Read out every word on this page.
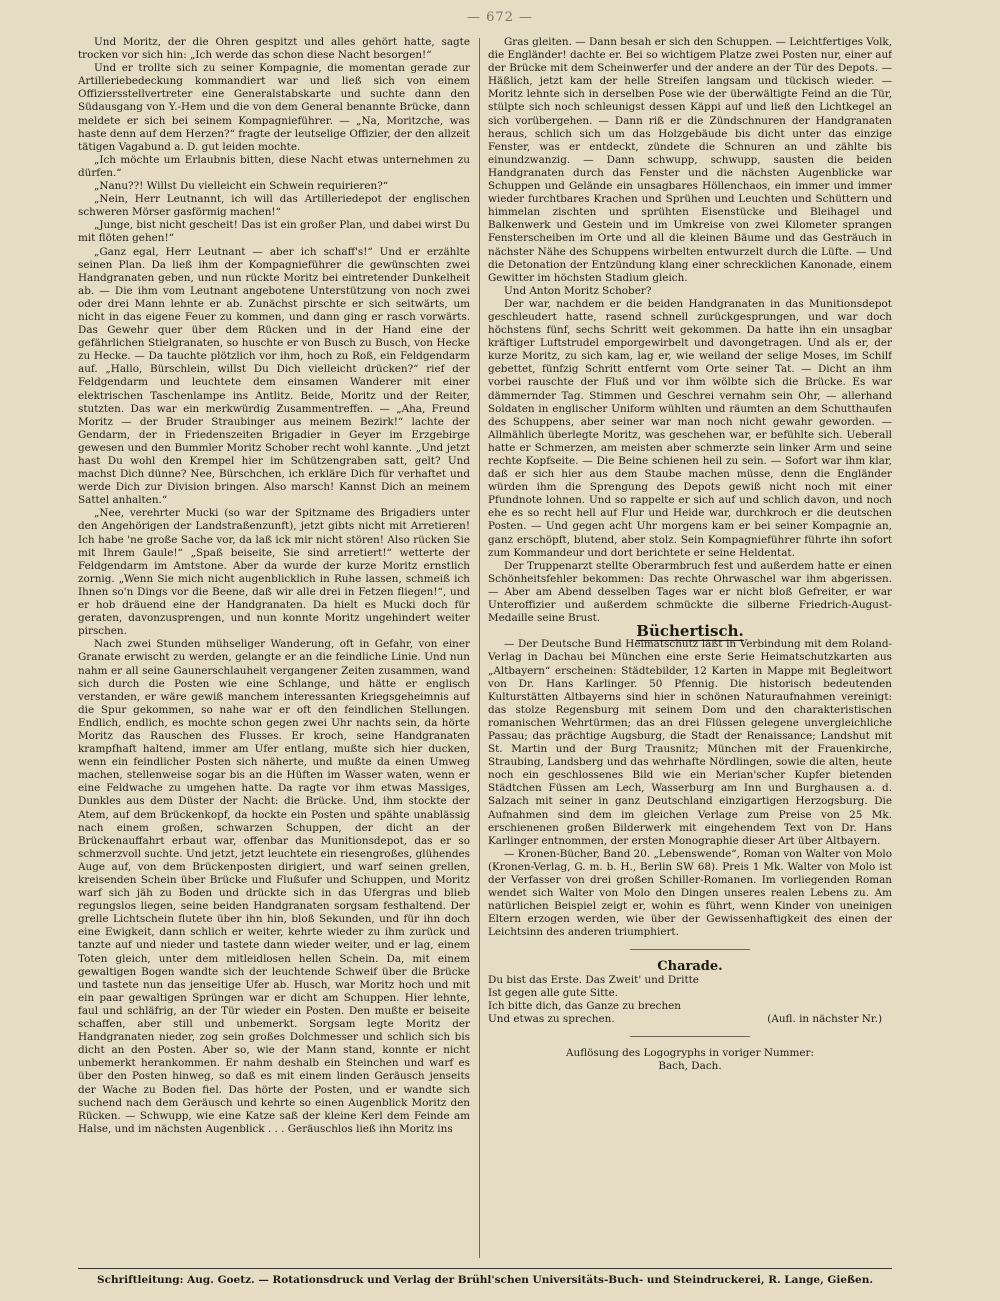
— 672 —

Und Moritz, der die Ohren gespitzt und alles gehört hatte, sagte trocken vor sich hin: „Ich werde das schon diese Nacht besorgen!“

Und er trollte sich zu seiner Kompagnie, die momentan gerade zur Artilleriebedeckung kommandiert war und ließ sich von einem Offiziersstellvertreter eine Generalstabskarte und suchte dann den Südausgang von Y.-Hem und die von dem General benannte Brücke, dann meldete er sich bei seinem Kompagnieführer. — „Na, Moritzche, was haste denn auf dem Herzen?“ fragte der leutselige Offizier, der den allzeit tätigen Vagabund a. D. gut leiden mochte.

„Ich möchte um Erlaubnis bitten, diese Nacht etwas unternehmen zu dürfen.“

„Nanu??! Willst Du vielleicht ein Schwein requirieren?“

„Nein, Herr Leutnannt, ich will das Artilleriedepot der englischen schweren Mörser gasförmig machen!“

„Junge, bist nicht gescheit! Das ist ein großer Plan, und dabei wirst Du mit flöten gehen!“

„Ganz egal, Herr Leutnant — aber ich schaff's!“ Und er erzählte seinen Plan. Da ließ ihm der Kompagnieführer die gewünschten zwei Handgranaten geben, und nun rückte Moritz bei eintretender Dunkelheit ab. — Die ihm vom Leutnant angebotene Unterstützung von noch zwei oder drei Mann lehnte er ab. Zunächst pirschte er sich seitwärts, um nicht in das eigene Feuer zu kommen, und dann ging er rasch vorwärts. Das Gewehr quer über dem Rücken und in der Hand eine der gefährlichen Stielgranaten, so huschte er von Busch zu Busch, von Hecke zu Hecke. — Da tauchte plötzlich vor ihm, hoch zu Roß, ein Feldgendarm auf. „Hallo, Bürschlein, willst Du Dich vielleicht drücken?“ rief der Feldgendarm und leuchtete dem einsamen Wanderer mit einer elektrischen Taschenlampe ins Antlitz. Beide, Moritz und der Reiter, stutzten. Das war ein merkwürdig Zusammentreffen. — „Aha, Freund Moritz — der Bruder Straubinger aus meinem Bezirk!“ lachte der Gendarm, der in Friedenszeiten Brigadier in Geyer im Erzgebirge gewesen und den Bummler Moritz Schober recht wohl kannte. „Und jetzt hast Du wohl den Krempel hier im Schützengraben satt, gelt? Und machst Dich dünne? Nee, Bürschchen, ich erkläre Dich für verhaftet und werde Dich zur Division bringen. Also marsch! Kannst Dich an meinem Sattel anhalten.“

„Nee, verehrter Mucki (so war der Spitzname des Brigadiers unter den Angehörigen der Landstraßenzunft), jetzt gibts nicht mit Arretieren! Ich habe 'ne große Sache vor, da laß ick mir nicht stören! Also rücken Sie mit Ihrem Gaule!“ „Spaß beiseite, Sie sind arretiert!“ wetterte der Feldgendarm im Amtstone. Aber da wurde der kurze Moritz ernstlich zornig. „Wenn Sie mich nicht augenblicklich in Ruhe lassen, schmeiß ich Ihnen so'n Dings vor die Beene, daß wir alle drei in Fetzen fliegen!“, und er hob dräuend eine der Handgranaten. Da hielt es Mucki doch für geraten, davonzusprengen, und nun konnte Moritz ungehindert weiter pirschen.

Nach zwei Stunden mühseliger Wanderung, oft in Gefahr, von einer Granate erwischt zu werden, gelangte er an die feindliche Linie. Und nun nahm er all seine Gaunerschlauheit vergangener Zeiten zusammen, wand sich durch die Posten wie eine Schlange, und hätte er englisch verstanden, er wäre gewiß manchem interessanten Kriegsgeheimnis auf die Spur gekommen, so nahe war er oft den feindlichen Stellungen. Endlich, endlich, es mochte schon gegen zwei Uhr nachts sein, da hörte Moritz das Rauschen des Flusses. Er kroch, seine Handgranaten krampfhaft haltend, immer am Ufer entlang, mußte sich hier ducken, wenn ein feindlicher Posten sich näherte, und mußte da einen Umweg machen, stellenweise sogar bis an die Hüften im Wasser waten, wenn er eine Feldwache zu umgehen hatte. Da ragte vor ihm etwas Massiges, Dunkles aus dem Düster der Nacht: die Brücke. Und, ihm stockte der Atem, auf dem Brückenkopf, da hockte ein Posten und spähte unablässig nach einem großen, schwarzen Schuppen, der dicht an der Brückenauffahrt erbaut war, offenbar das Munitionsdepot, das er so schmerzvoll suchte. Und jetzt, jetzt leuchtete ein riesengroßes, glühendes Auge auf, von dem Brückenposten dirigiert, und warf seinen grellen, kreisenden Schein über Brücke und Flußufer und Schuppen, und Moritz warf sich jäh zu Boden und drückte sich in das Ufergras und blieb regungslos liegen, seine beiden Handgranaten sorgsam festhaltend. Der grelle Lichtschein flutete über ihn hin, bloß Sekunden, und für ihn doch eine Ewigkeit, dann schlich er weiter, kehrte wieder zu ihm zurück und tanzte auf und nieder und tastete dann wieder weiter, und er lag, einem Toten gleich, unter dem mitleidlosen hellen Schein. Da, mit einem gewaltigen Bogen wandte sich der leuchtende Schweif über die Brücke und tastete nun das jenseitige Ufer ab. Husch, war Moritz hoch und mit ein paar gewaltigen Sprüngen war er dicht am Schuppen. Hier lehnte, faul und schläfrig, an der Tür wieder ein Posten. Den mußte er beiseite schaffen, aber still und unbemerkt. Sorgsam legte Moritz der Handgranaten nieder, zog sein großes Dolchmesser und schlich sich bis dicht an den Posten. Aber so, wie der Mann stand, konnte er nicht unbemerkt herankommen. Er nahm deshalb ein Steinchen und warf es über den Posten hinweg, so daß es mit einem linden Geräusch jenseits der Wache zu Boden fiel. Das hörte der Posten, und er wandte sich suchend nach dem Geräusch und kehrte so einen Augenblick Moritz den Rücken. — Schwupp, wie eine Katze saß der kleine Kerl dem Feinde am Halse, und im nächsten Augenblick . . . Geräuschlos ließ ihn Moritz ins

Gras gleiten. — Dann besah er sich den Schuppen. — Leichtfertiges Volk, die Engländer! dachte er. Bei so wichtigem Platze zwei Posten nur, einer auf der Brücke mit dem Scheinwerfer und der andere an der Tür des Depots. — Häßlich, jetzt kam der helle Streifen langsam und tückisch wieder. — Moritz lehnte sich in derselben Pose wie der überwältigte Feind an die Tür, stülpte sich noch schleunigst dessen Käppi auf und ließ den Lichtkegel an sich vorübergehen. — Dann riß er die Zündschnuren der Handgranaten heraus, schlich sich um das Holzgebäude bis dicht unter das einzige Fenster, was er entdeckt, zündete die Schnuren an und zählte bis einundzwanzig. — Dann schwupp, schwupp, sausten die beiden Handgranaten durch das Fenster und die nächsten Augenblicke war Schuppen und Gelände ein unsagbares Höllenchaos, ein immer und immer wieder furchtbares Krachen und Sprühen und Leuchten und Schüttern und himmelan zischten und sprühten Eisenstücke und Bleihagel und Balkenwerk und Gestein und im Umkreise von zwei Kilometer sprangen Fensterscheiben im Orte und all die kleinen Bäume und das Gesträuch in nächster Nähe des Schuppens wirbelten entwurzelt durch die Lüfte. — Und die Detonation der Entzündung klang einer schrecklichen Kanonade, einem Gewitter im höchsten Stadium gleich.

Und Anton Moritz Schober?

Der war, nachdem er die beiden Handgranaten in das Munitionsdepot geschleudert hatte, rasend schnell zurückgesprungen, und war doch höchstens fünf, sechs Schritt weit gekommen. Da hatte ihn ein unsagbar kräftiger Luftstrudel emporgewirbelt und davongetragen. Und als er, der kurze Moritz, zu sich kam, lag er, wie weiland der selige Moses, im Schilf gebettet, fünfzig Schritt entfernt vom Orte seiner Tat. — Dicht an ihm vorbei rauschte der Fluß und vor ihm wölbte sich die Brücke. Es war dämmernder Tag. Stimmen und Geschrei vernahm sein Ohr, — allerhand Soldaten in englischer Uniform wühlten und räumten an dem Schutthaufen des Schuppens, aber seiner war man noch nicht gewahr geworden. — Allmählich überlegte Moritz, was geschehen war, er befühlte sich. Ueberall hatte er Schmerzen, am meisten aber schmerzte sein linker Arm und seine rechte Kopfseite. — Die Beine schienen heil zu sein. — Sofort war ihm klar, daß er sich hier aus dem Staube machen müsse, denn die Engländer würden ihm die Sprengung des Depots gewiß nicht noch mit einer Pfundnote lohnen. Und so rappelte er sich auf und schlich davon, und noch ehe es so recht hell auf Flur und Heide war, durchkroch er die deutschen Posten. — Und gegen acht Uhr morgens kam er bei seiner Kompagnie an, ganz erschöpft, blutend, aber stolz. Sein Kompagnieführer führte ihn sofort zum Kommandeur und dort berichtete er seine Heldentat.

Der Truppenarzt stellte Oberarmbruch fest und außerdem hatte er einen Schönheitsfehler bekommen: Das rechte Ohrwaschel war ihm abgerissen. — Aber am Abend desselben Tages war er nicht bloß Gefreiter, er war Unteroffizier und außerdem schmückte die silberne Friedrich-August-Medaille seine Brust.

Büchertisch.

— Der Deutsche Bund Heimatschutz läßt in Verbindung mit dem Roland-Verlag in Dachau bei München eine erste Serie Heimatschutzkarten aus „Altbayern“ erscheinen: Städtebilder, 12 Karten in Mappe mit Begleitwort von Dr. Hans Karlinger. 50 Pfennig. Die historisch bedeutenden Kulturstätten Altbayerns sind hier in schönen Naturaufnahmen vereinigt: das stolze Regensburg mit seinem Dom und den charakteristischen romanischen Wehrtürmen; das an drei Flüssen gelegene unvergleichliche Passau; das prächtige Augsburg, die Stadt der Renaissance; Landshut mit St. Martin und der Burg Trausnitz; München mit der Frauenkirche, Straubing, Landsberg und das wehrhafte Nördlingen, sowie die alten, heute noch ein geschlossenes Bild wie ein Merian'scher Kupfer bietenden Städtchen Füssen am Lech, Wasserburg am Inn und Burghausen a. d. Salzach mit seiner in ganz Deutschland einzigartigen Herzogsburg. Die Aufnahmen sind dem im gleichen Verlage zum Preise von 25 Mk. erschienenen großen Bilderwerk mit eingehendem Text von Dr. Hans Karlinger entnommen, der ersten Monographie dieser Art über Altbayern.

— Kronen-Bücher, Band 20. „Lebenswende“, Roman von Walter von Molo (Kronen-Verlag, G. m. b. H., Berlin SW 68). Preis 1 Mk. Walter von Molo ist der Verfasser von drei großen Schiller-Romanen. Im vorliegenden Roman wendet sich Walter von Molo den Dingen unseres realen Lebens zu. Am natürlichen Beispiel zeigt er, wohin es führt, wenn Kinder von uneinigen Eltern erzogen werden, wie über der Gewissenhaftigkeit des einen der Leichtsinn des anderen triumphiert.

Charade.

Du bist das Erste. Das Zweit' und Dritte
Ist gegen alle gute Sitte.
Ich bitte dich, das Ganze zu brechen
Und etwas zu sprechen.	(Aufl. in nächster Nr.)

Auflösung des Logogryphs in voriger Nummer:
Bach, Dach.

Schriftleitung: Aug. Goetz. — Rotationsdruck und Verlag der Brühl'schen Universitäts-Buch- und Steindruckerei, R. Lange, Gießen.
